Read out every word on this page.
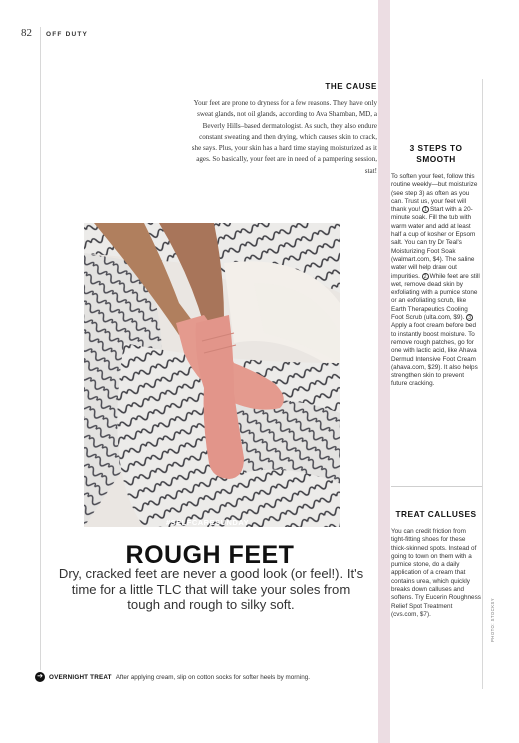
82 OFF DUTY
THE CAUSE
Your feet are prone to dryness for a few reasons. They have only sweat glands, not oil glands, according to Ava Shamban, MD, a Beverly Hills–based dermatologist. As such, they also endure constant sweating and then drying, which causes skin to crack, she says. Plus, your skin has a hard time staying moisturized as it ages. So basically, your feet are in need of a pampering session, stat!
#SELFCARESUNDAY
ROUGH FEET
Dry, cracked feet are never a good look (or feel!). It's time for a little TLC that will take your soles from tough and rough to silky soft.
➔ OVERNIGHT TREAT After applying cream, slip on cotton socks for softer heels by morning.
3 STEPS TO SMOOTH
To soften your feet, follow this routine weekly—but moisturize (see step 3) as often as you can. Trust us, your feet will thank you! 1 Start with a 20-minute soak. Fill the tub with warm water and add at least half a cup of kosher or Epsom salt. You can try Dr Teal's Moisturizing Foot Soak (walmart.com, $4). The saline water will help draw out impurities. 2 While feet are still wet, remove dead skin by exfoliating with a pumice stone or an exfoliating scrub, like Earth Therapeutics Cooling Foot Scrub (ulta.com, $9). 3Apply a foot cream before bed to instantly boost moisture. To remove rough patches, go for one with lactic acid, like Ahava Dermud Intensive Foot Cream (ahava.com, $29). It also helps strengthen skin to prevent future cracking.
TREAT CALLUSES
You can credit friction from tight-fitting shoes for these thick-skinned spots. Instead of going to town on them with a pumice stone, do a daily application of a cream that contains urea, which quickly breaks down calluses and softens. Try Eucerin Roughness Relief Spot Treatment (cvs.com, $7).	PHOTO: STOCKSY
